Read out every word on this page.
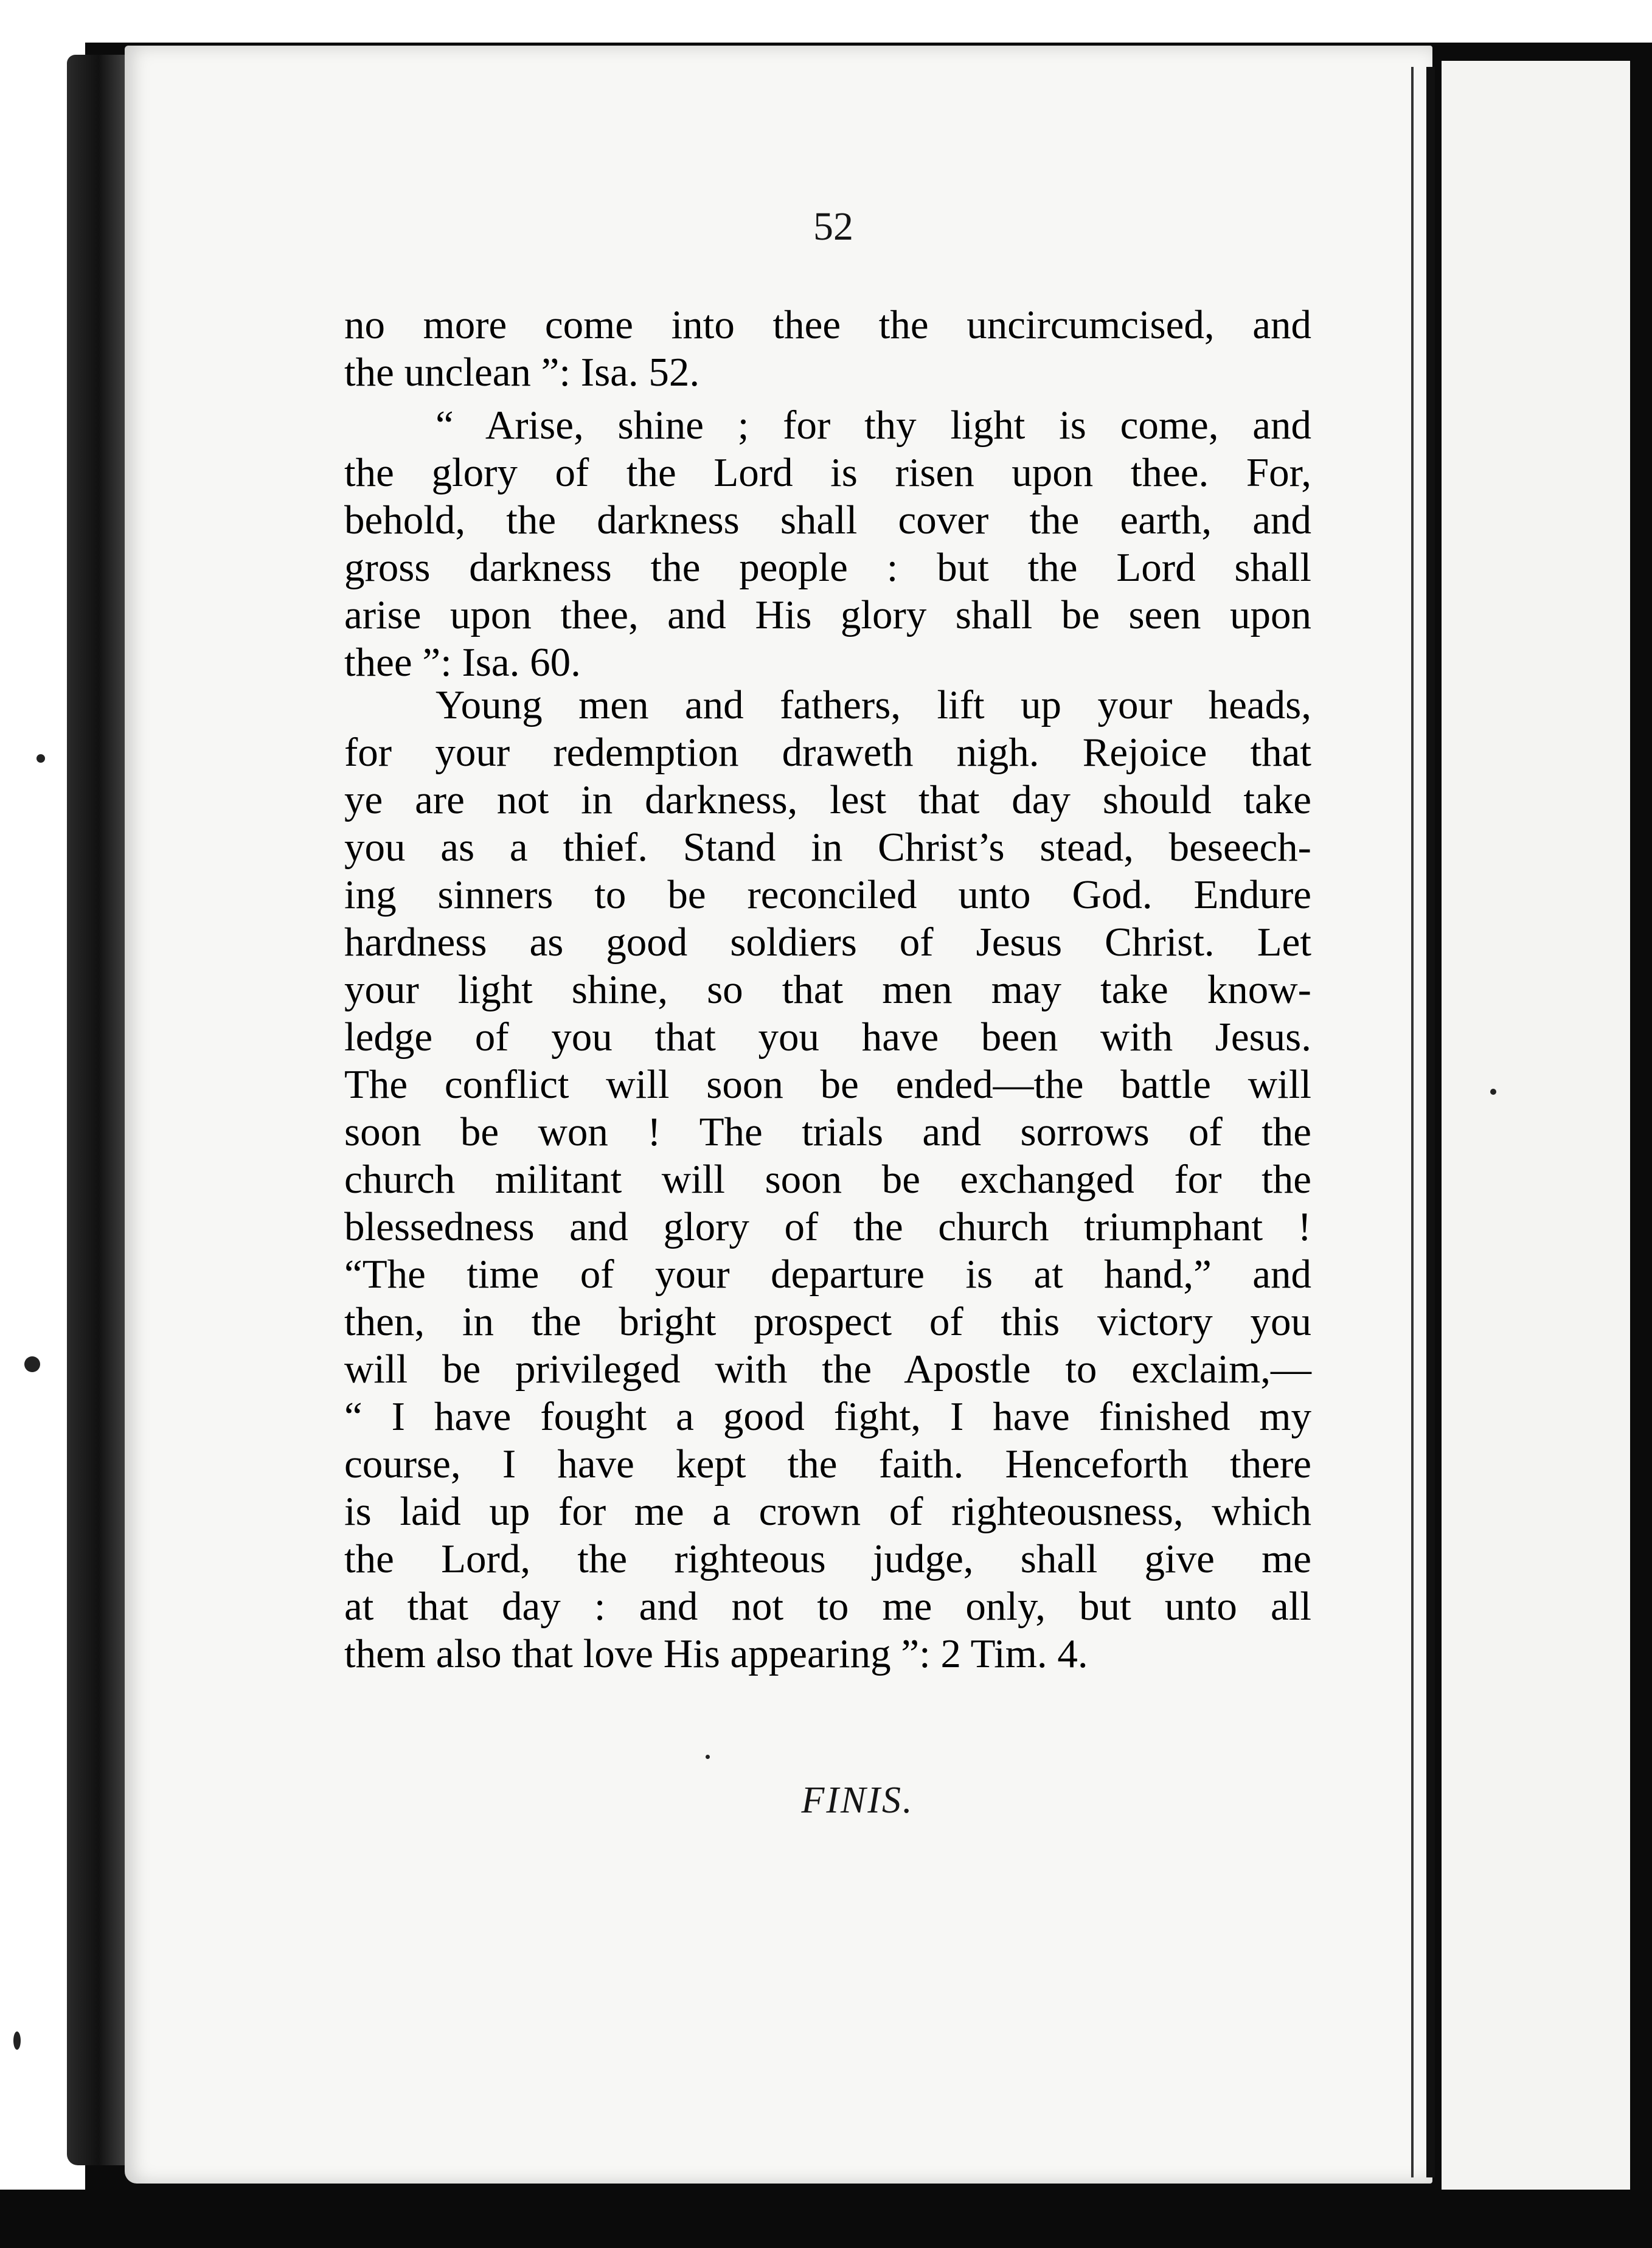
52
no more come into thee the uncircumcised, and
the unclean ”: Isa. 52.
“ Arise, shine ; for thy light is come, and
the glory of the Lord is risen upon thee. For,
behold, the darkness shall cover the earth, and
gross darkness the people : but the Lord shall
arise upon thee, and His glory shall be seen upon
thee ”: Isa. 60.
Young men and fathers, lift up your heads,
for your redemption draweth nigh. Rejoice that
ye are not in darkness, lest that day should take
you as a thief. Stand in Christ’s stead, beseech-
ing sinners to be reconciled unto God. Endure
hardness as good soldiers of Jesus Christ. Let
your light shine, so that men may take know-
ledge of you that you have been with Jesus.
The conflict will soon be ended—the battle will
soon be won ! The trials and sorrows of the
church militant will soon be exchanged for the
blessedness and glory of the church triumphant !
“The time of your departure is at hand,” and
then, in the bright prospect of this victory you
will be privileged with the Apostle to exclaim,—
“ I have fought a good fight, I have finished my
course, I have kept the faith. Henceforth there
is laid up for me a crown of righteousness, which
the Lord, the righteous judge, shall give me
at that day : and not to me only, but unto all
them also that love His appearing ”: 2 Tim. 4.
FINIS.
